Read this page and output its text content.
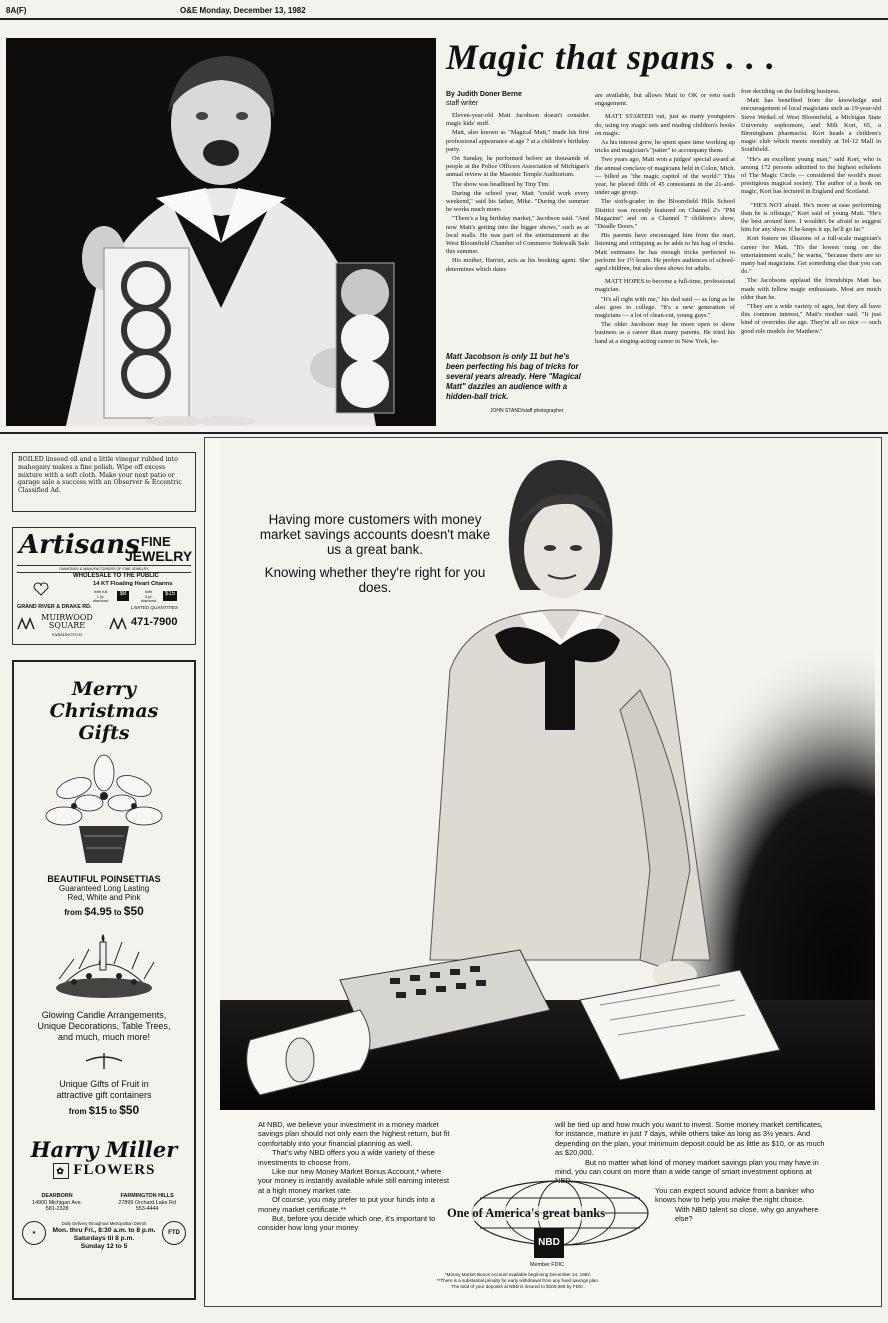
8A(F)	O&E Monday, December 13, 1982
Magic that spans . . .
By Judith Doner Berne
staff writer

Eleven-year-old Matt Jacobson doesn't consider magic kids' stuff.

Matt, also known as "Magical Matt," made his first professional appearance at age 7 at a children's birthday party.

On Sunday, he performed before an thousands of people at the Police Officers Association of Michigan's annual review at the Masonic Temple Auditorium.

The show was headlined by Tiny Tim.

During the school year, Matt "could work every weekend," said his father, Mike. "During the summer he works much more.

"There's a big birthday market," Jacobson said. "And now Matt's getting into the bigger shows," such as at local malls. He was part of the entertainment at the West Bloomfield Chamber of Commerce Sidewalk Sale this summer.

His mother, Harriet, acts as his booking agent. She determines which dates

Matt Jacobson is only 11 but he's been perfecting his bag of tricks for several years already. Here "Magical Matt" dazzles an audience with a hidden-ball trick.
JOHN STAND/staff photographer

are available, but allows Matt to OK or veto each engagement.

MATT STARTED out, just as many youngsters do, using toy magic sets and reading children's books on magic.

As his interest grew, he spent spare time working up tricks and magician's "patter" to accompany them.

Two years ago, Matt won a judges' special award at the annual conclave of magicians held in Colon, Mich. — billed as "the magic capitol of the world." This year, he placed fifth of 45 contestants in the 21-and-under age group.

The sixth-grader in the Bloomfield Hills School District was recently featured on Channel 2's "PM Magazine" and on a Channel 7 children's show, "Deadle Doors."

His parents have encouraged him from the start, listening and critiquing as he adds to his bag of tricks. Matt estimates he has enough tricks perfected to perform for 1½ hours. He prefers audiences of school-aged children, but also does shows for adults.

MATT HOPES to become a full-time, professional magician.

"It's all right with me," his dad said — as long as he also goes to college. "It's a new generation of magicians — a lot of clean-cut, young guys."

The older Jacobson may be more open to show business as a career than many parents. He tried his hand at a singing-acting career in New York, be-

fore deciding on the building business.

Matt has benefited from the knowledge and encouragement of local magicians such as 19-year-old Steve Weikel of West Bloomfield, a Michigan State University sophomore, and Milt Kort, 65, a Birmingham pharmacist. Kort heads a children's magic club which meets monthly at Tel-12 Mall in Southfield.

"He's an excellent young man," said Kort, who is among 172 persons admitted to the highest echelons of The Magic Circle — considered the world's most prestigious magical society. The author of a book on magic, Kort has lectured in England and Scotland.

"HE'S NOT afraid. He's more at ease performing than he is offstage," Kort said of young Matt. "He's the best around here. I wouldn't be afraid to suggest him for any show. If he keeps it up, he'll go far."

Kort fosters no illusions of a full-scale magician's career for Matt. "It's the lowest rung on the entertainment scale," he warns, "because there are so many bad magicians. Get something else that you can do."

The Jacobsons applaud the friendships Matt has made with fellow magic enthusiasts. Most are much older than he.

"They are a wide variety of ages, but they all have this common interest," Matt's mother said. "It just kind of overrides the age. They're all so nice — such good role models for Matthew."

BOILED linseed oil and a little vinegar rubbed into mahogany makes a fine polish. Wipe off excess mixture with a soft cloth. Make your next patio or garage sale a success with an Observer & Eccentric Classified Ad.
Artisans FINE
JEWELRY
DIAMONDS & MANUFACTURERS OF FINE JEWELRY
WHOLESALE TO THE PUBLIC
14 KT Floating Heart Charms
with full
1 pt.
diamond
$8	with
3 pt.
diamond
$15
GRAND RIVER & DRAKE RD.	LIMITED QUANTITIES
MUIRWOOD
SQUARE
FARMINGTON
471-7900
Merry
Christmas
Gifts
BEAUTIFUL POINSETTIAS
Guaranteed Long Lasting
Red, White and Pink
from $4.95 to $50
Glowing Candle Arrangements,
Unique Decorations, Table Trees,
and much, much more!
Unique Gifts of Fruit in
attractive gift containers
from $15 to $50
Harry Miller
✿ FLOWERS
DEARBORN
14900 Michigan Ave.
581-2328
FARMINGTON HILLS
27899 Orchard Lake Rd
553-4444
★	FTD
Daily Delivery throughout Metropolitan Detroit
Mon. thru Fri., 8:30 a.m. to 8 p.m.
Saturdays til 8 p.m.
Sunday 12 to 5
Having more customers with money market savings accounts doesn't make us a great bank.
Knowing whether they're right for you does.

At NBD, we believe your investment in a money market savings plan should not only earn the highest return, but fit comfortably into your financial planning as well.

That's why NBD offers you a wide variety of these investments to choose from.

Like our new Money Market Bonus Account,* where your money is instantly available while still earning interest at a high money market rate.

Of course, you may prefer to put your funds into a money market certificate.**

But, before you decide which one, it's important to consider how long your money

will be tied up and how much you want to invest. Some money market certificates, for instance, mature in just 7 days, while others take as long as 3½ years. And depending on the plan, your minimum deposit could be as little as $10, or as much as $20,000.

But no matter what kind of money market savings plan you may have in mind, you can count on more than a wide range of smart investment options at NBD.

You can expect sound advice from a banker who knows how to help you make the right choice.

With NBD talent so close, why go anywhere else?

One of America's great banks
NBD
Member FDIC
*Money Market Bonus Account available beginning December 14, 1982.
**There is a substantial penalty for early withdrawal from any fixed savings plan.
The total of your deposits at NBD is insured to $100,000 by FDIC.
